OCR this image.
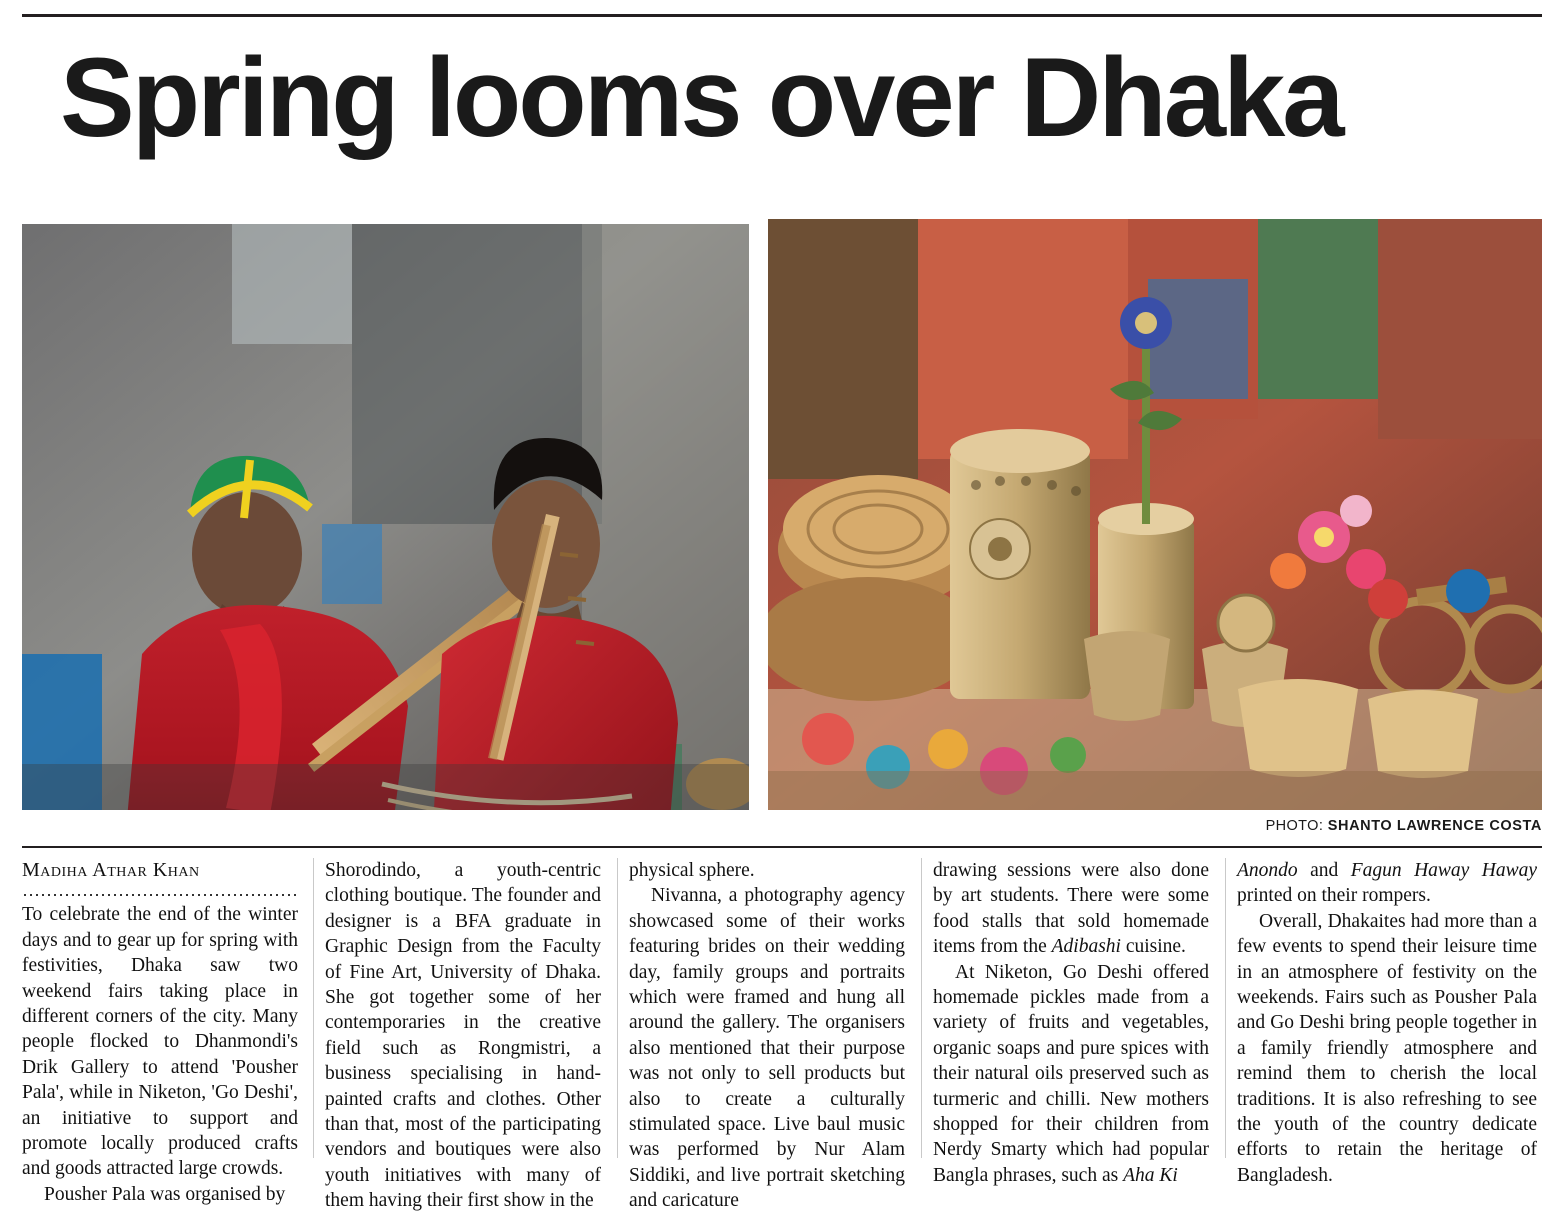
Spring looms over Dhaka
PHOTO: SHANTO LAWRENCE COSTA
Madiha Athar Khan

To celebrate the end of the winter days and to gear up for spring with festivities, Dhaka saw two weekend fairs taking place in different corners of the city. Many people flocked to Dhanmondi's Drik Gallery to attend 'Pousher Pala', while in Niketon, 'Go Deshi', an initiative to support and promote locally produced crafts and goods attracted large crowds.

Pousher Pala was organised by

Shorodindo, a youth-centric clothing boutique. The founder and designer is a BFA graduate in Graphic Design from the Faculty of Fine Art, University of Dhaka. She got together some of her contemporaries in the creative field such as Rongmistri, a business specialising in hand-painted crafts and clothes. Other than that, most of the participating vendors and boutiques were also youth initiatives with many of them having their first show in the

physical sphere.

Nivanna, a photography agency showcased some of their works featuring brides on their wedding day, family groups and portraits which were framed and hung all around the gallery. The organisers also mentioned that their purpose was not only to sell products but also to create a culturally stimulated space. Live baul music was performed by Nur Alam Siddiki, and live portrait sketching and caricature

drawing sessions were also done by art students. There were some food stalls that sold homemade items from the Adibashi cuisine.

At Niketon, Go Deshi offered homemade pickles made from a variety of fruits and vegetables, organic soaps and pure spices with their natural oils preserved such as turmeric and chilli. New mothers shopped for their children from Nerdy Smarty which had popular Bangla phrases, such as Aha Ki

Anondo and Fagun Haway Haway printed on their rompers.

Overall, Dhakaites had more than a few events to spend their leisure time in an atmosphere of festivity on the weekends. Fairs such as Pousher Pala and Go Deshi bring people together in a family friendly atmosphere and remind them to cherish the local traditions. It is also refreshing to see the youth of the country dedicate efforts to retain the heritage of Bangladesh.
